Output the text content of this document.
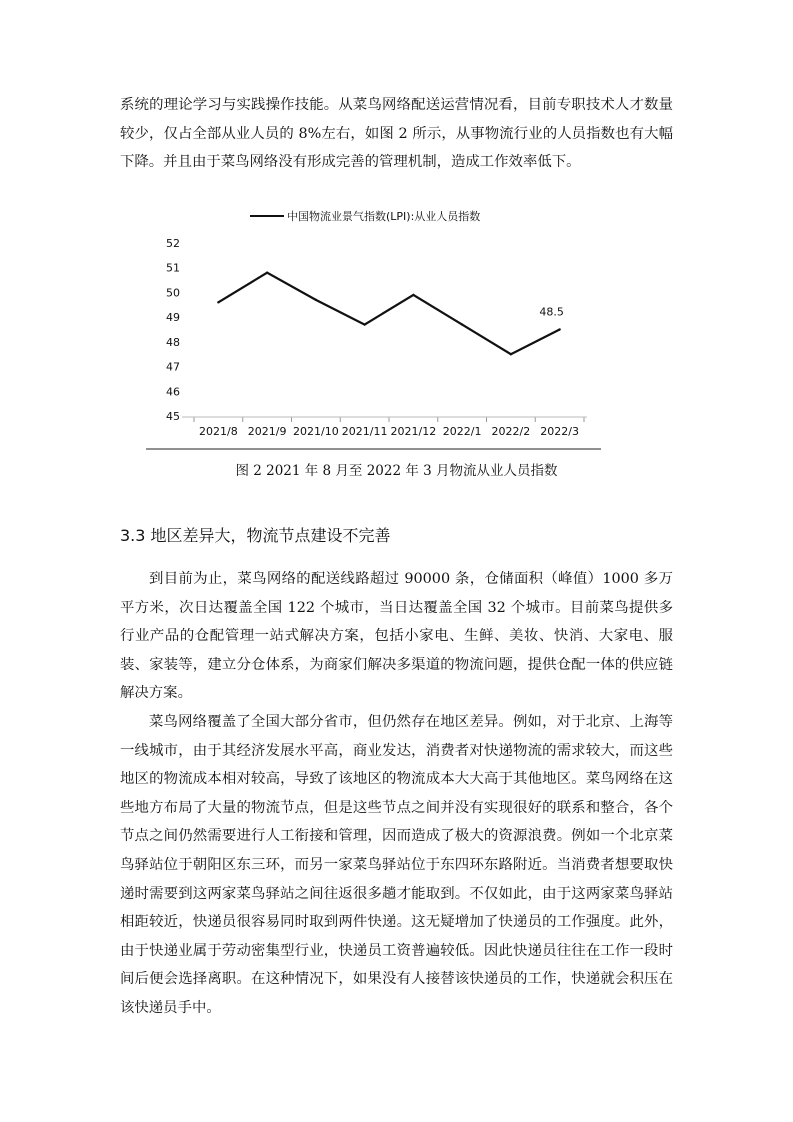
系统的理论学习与实践操作技能。从菜鸟网络配送运营情况看，目前专职技术人才数量较少，仅占全部从业人员的 8%左右，如图 2 所示，从事物流行业的人员指数也有大幅下降。并且由于菜鸟网络没有形成完善的管理机制，造成工作效率低下。

中国物流业景气指数(LPI):从业人员指数
52
51
50
49
48
47
46
45
2021/8 2021/9 2021/10 2021/11 2021/12 2022/1 2022/2 2022/3
48.5
图 2 2021 年 8 月至 2022 年 3 月物流从业人员指数
3.3 地区差异大，物流节点建设不完善

到目前为止，菜鸟网络的配送线路超过 90000 条，仓储面积（峰值）1000 多万平方米，次日达覆盖全国 122 个城市，当日达覆盖全国 32 个城市。目前菜鸟提供多行业产品的仓配管理一站式解决方案，包括小家电、生鲜、美妆、快消、大家电、服装、家装等，建立分仓体系，为商家们解决多渠道的物流问题，提供仓配一体的供应链解决方案。

菜鸟网络覆盖了全国大部分省市，但仍然存在地区差异。例如，对于北京、上海等一线城市，由于其经济发展水平高，商业发达，消费者对快递物流的需求较大，而这些地区的物流成本相对较高，导致了该地区的物流成本大大高于其他地区。菜鸟网络在这些地方布局了大量的物流节点，但是这些节点之间并没有实现很好的联系和整合，各个节点之间仍然需要进行人工衔接和管理，因而造成了极大的资源浪费。例如一个北京菜鸟驿站位于朝阳区东三环，而另一家菜鸟驿站位于东四环东路附近。当消费者想要取快递时需要到这两家菜鸟驿站之间往返很多趟才能取到。不仅如此，由于这两家菜鸟驿站相距较近，快递员很容易同时取到两件快递。这无疑增加了快递员的工作强度。此外，由于快递业属于劳动密集型行业，快递员工资普遍较低。因此快递员往往在工作一段时间后便会选择离职。在这种情况下，如果没有人接替该快递员的工作，快递就会积压在该快递员手中。
